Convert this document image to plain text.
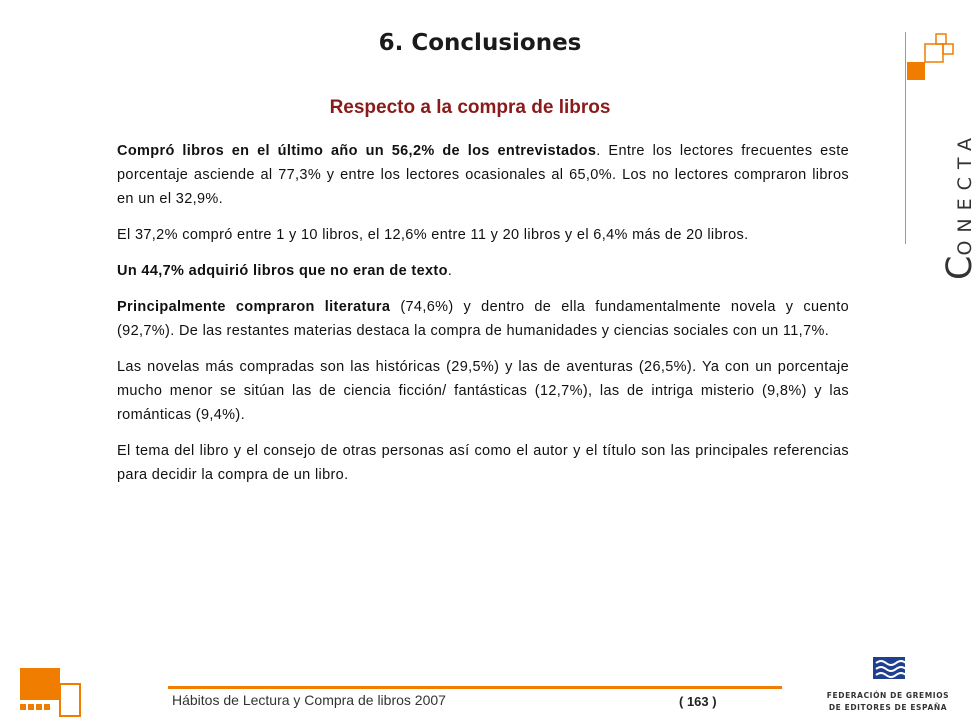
6. Conclusiones
Respecto a la compra de libros

Compró libros en el último año un 56,2% de los entrevistados. Entre los lectores frecuentes este porcentaje asciende al 77,3% y entre los lectores ocasionales al 65,0%. Los no lectores compraron libros en un el 32,9%.

El 37,2% compró entre 1 y 10 libros, el 12,6% entre 11 y 20 libros y el 6,4% más de 20 libros.

Un 44,7% adquirió libros que no eran de texto.

Principalmente compraron literatura (74,6%) y dentro de ella fundamentalmente novela y cuento (92,7%). De las restantes materias destaca la compra de humanidades y ciencias sociales con un 11,7%.

Las novelas más compradas son las históricas (29,5%) y las de aventuras (26,5%). Ya con un porcentaje mucho menor se sitúan las de ciencia ficción/ fantásticas (12,7%), las de intriga misterio (9,8%) y las románticas (9,4%).

El tema del libro y el consejo de otras personas así como el autor y el título son las principales referencias para decidir la compra de un libro.

CONECTA
Hábitos de Lectura y Compra de libros 2007	( 163 )	FEDERACIÓN DE GREMIOS
DE EDITORES DE ESPAÑA
